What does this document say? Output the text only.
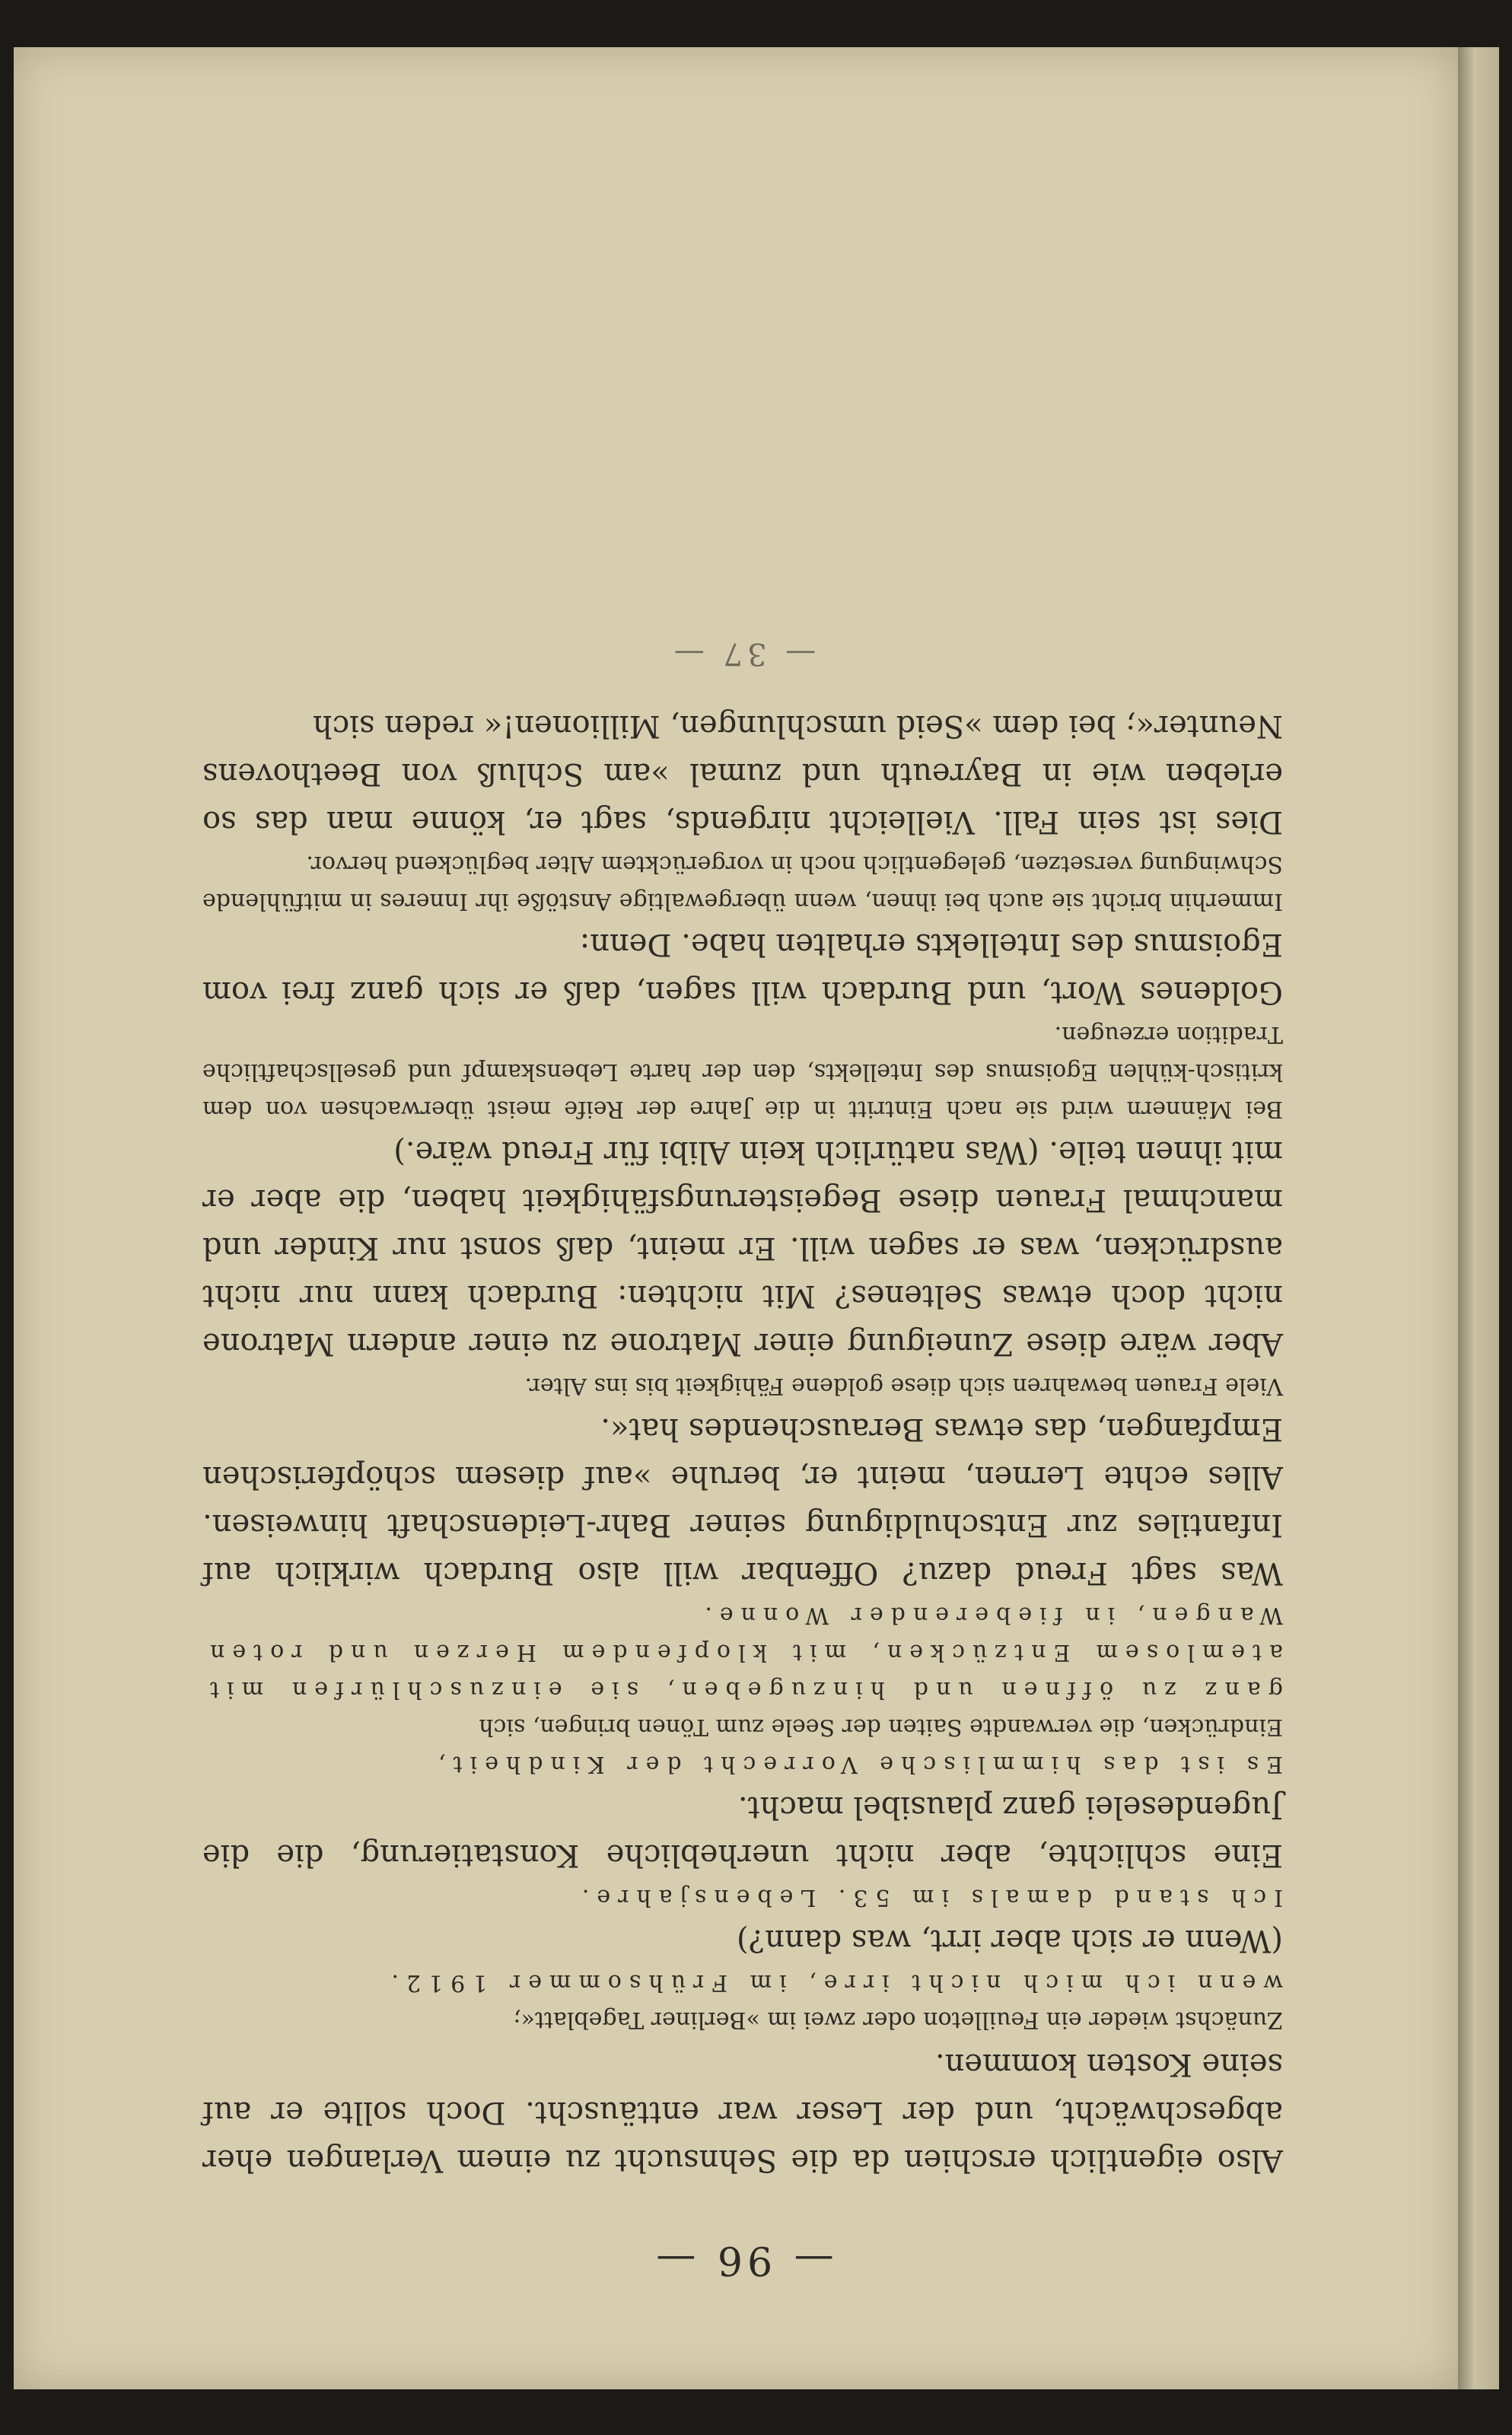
— 96 —

Also eigentlich erschien da die Sehnsucht zu einem Verlangen eher abgeschwächt, und der Leser war enttäuscht. Doch sollte er auf seine Kosten kommen.

Zunächst wieder ein Feuilleton oder zwei im »Berliner Tageblatt«;

wenn ich mich nicht irre, im Frühsommer 1912.

(Wenn er sich aber irrt, was dann?)

Ich stand damals im 53. Lebensjahre.

Eine schlichte, aber nicht unerhebliche Konstatierung, die die Jugendeselei ganz plausibel macht.

Es ist das himmlische Vorrecht der Kindheit,

Eindrücken, die verwandte Saiten der Seele zum Tönen bringen, sich

ganz zu öffnen und hinzugeben, sie einzuschlürfen mit atemlosem Entzücken, mit klopfendem Herzen und roten Wangen, in fieberender Wonne.

Was sagt Freud dazu? Offenbar will also Burdach wirklich auf Infantiles zur Entschuldigung seiner Bahr-Leidenschaft hinweisen. Alles echte Lernen, meint er, beruhe »auf diesem schöpferischen Empfangen, das etwas Berauschendes hat«.

Viele Frauen bewahren sich diese goldene Fähigkeit bis ins Alter.

Aber wäre diese Zuneigung einer Matrone zu einer andern Matrone nicht doch etwas Seltenes? Mit nichten: Burdach kann nur nicht ausdrücken, was er sagen will. Er meint, daß sonst nur Kinder und manchmal Frauen diese Begeisterungsfähigkeit haben, die aber er mit ihnen teile. (Was natürlich kein Alibi für Freud wäre.)

Bei Männern wird sie nach Eintritt in die Jahre der Reife meist überwachsen von dem kritisch-kühlen Egoismus des Intellekts, den der harte Lebenskampf und gesellschaftliche Tradition erzeugen.

Goldenes Wort, und Burdach will sagen, daß er sich ganz frei vom Egoismus des Intellekts erhalten habe. Denn:

Immerhin bricht sie auch bei ihnen, wenn übergewaltige Anstöße ihr Inneres in mitfühlende Schwingung versetzen, gelegentlich noch in vorgerücktem Alter beglückend hervor.

Dies ist sein Fall. Vielleicht nirgends, sagt er, könne man das so erleben wie in Bayreuth und zumal »am Schluß von Beethovens Neunter«; bei dem »Seid umschlungen, Millionen!« reden sich

— 37 —
